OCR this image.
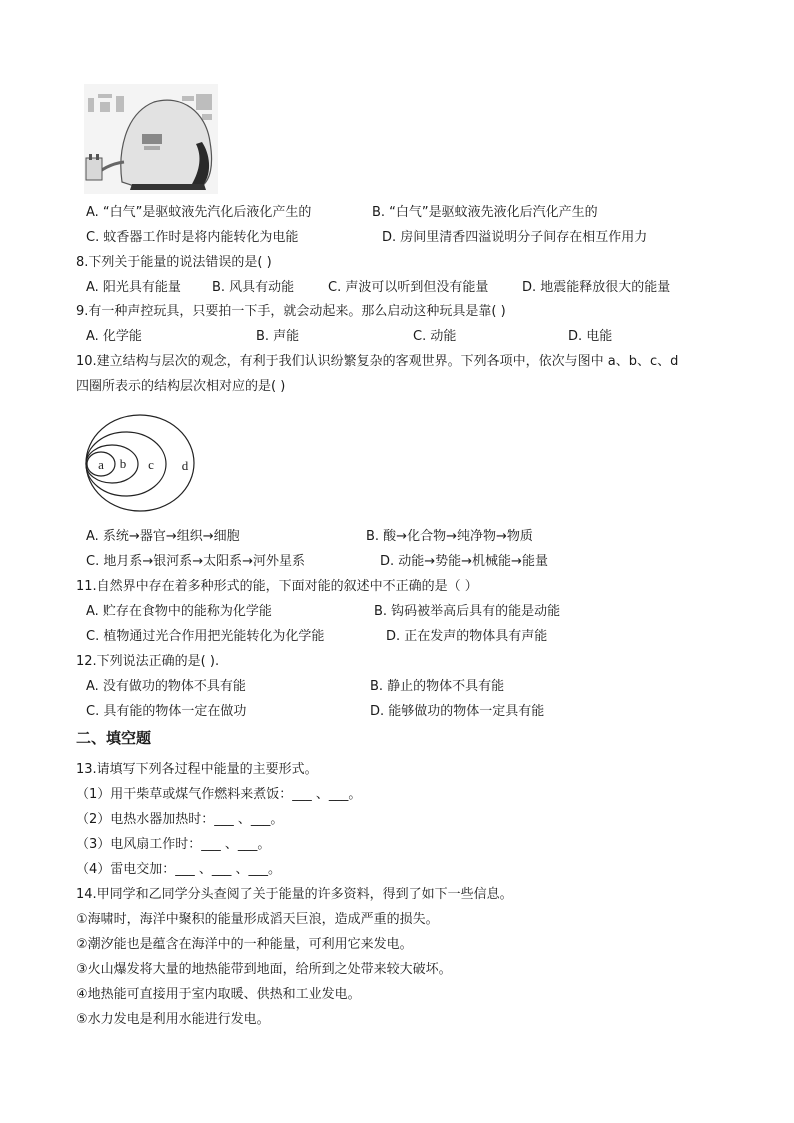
A. “白气”是驱蚊液先汽化后液化产生的	B. “白气”是驱蚊液先液化后汽化产生的
C. 蚊香器工作时是将内能转化为电能	D. 房间里清香四溢说明分子间存在相互作用力
8.下列关于能量的说法错误的是( )
A. 阳光具有能量 B. 风具有动能	C. 声波可以听到但没有能量	D. 地震能释放很大的能量
9.有一种声控玩具，只要拍一下手，就会动起来。那么启动这种玩具是靠( )
A. 化学能	B. 声能	C. 动能	D. 电能
10.建立结构与层次的观念，有利于我们认识纷繁复杂的客观世界。下列各项中，依次与图中 a、b、c、d
四圈所表示的结构层次相对应的是( )
a b c d
A. 系统→器官→组织→细胞	B. 酸→化合物→纯净物→物质
C. 地月系→银河系→太阳系→河外星系	D. 动能→势能→机械能→能量
11.自然界中存在着多种形式的能，下面对能的叙述中不正确的是（ ）
A. 贮存在食物中的能称为化学能	B. 钩码被举高后具有的能是动能
C. 植物通过光合作用把光能转化为化学能	D. 正在发声的物体具有声能
12.下列说法正确的是( ).
A. 没有做功的物体不具有能	B. 静止的物体不具有能
C. 具有能的物体一定在做功	D. 能够做功的物体一定具有能
二、填空题
13.请填写下列各过程中能量的主要形式。
（1）用干柴草或煤气作燃料来煮饭：___ 、___。
（2）电热水器加热时：___ 、___。
（3）电风扇工作时：___ 、___。
（4）雷电交加：___ 、___ 、___。
14.甲同学和乙同学分头查阅了关于能量的许多资料，得到了如下一些信息。
①海啸时，海洋中聚积的能量形成滔天巨浪，造成严重的损失。
②潮汐能也是蕴含在海洋中的一种能量，可利用它来发电。
③火山爆发将大量的地热能带到地面，给所到之处带来较大破坏。
④地热能可直接用于室内取暖、供热和工业发电。
⑤水力发电是利用水能进行发电。
